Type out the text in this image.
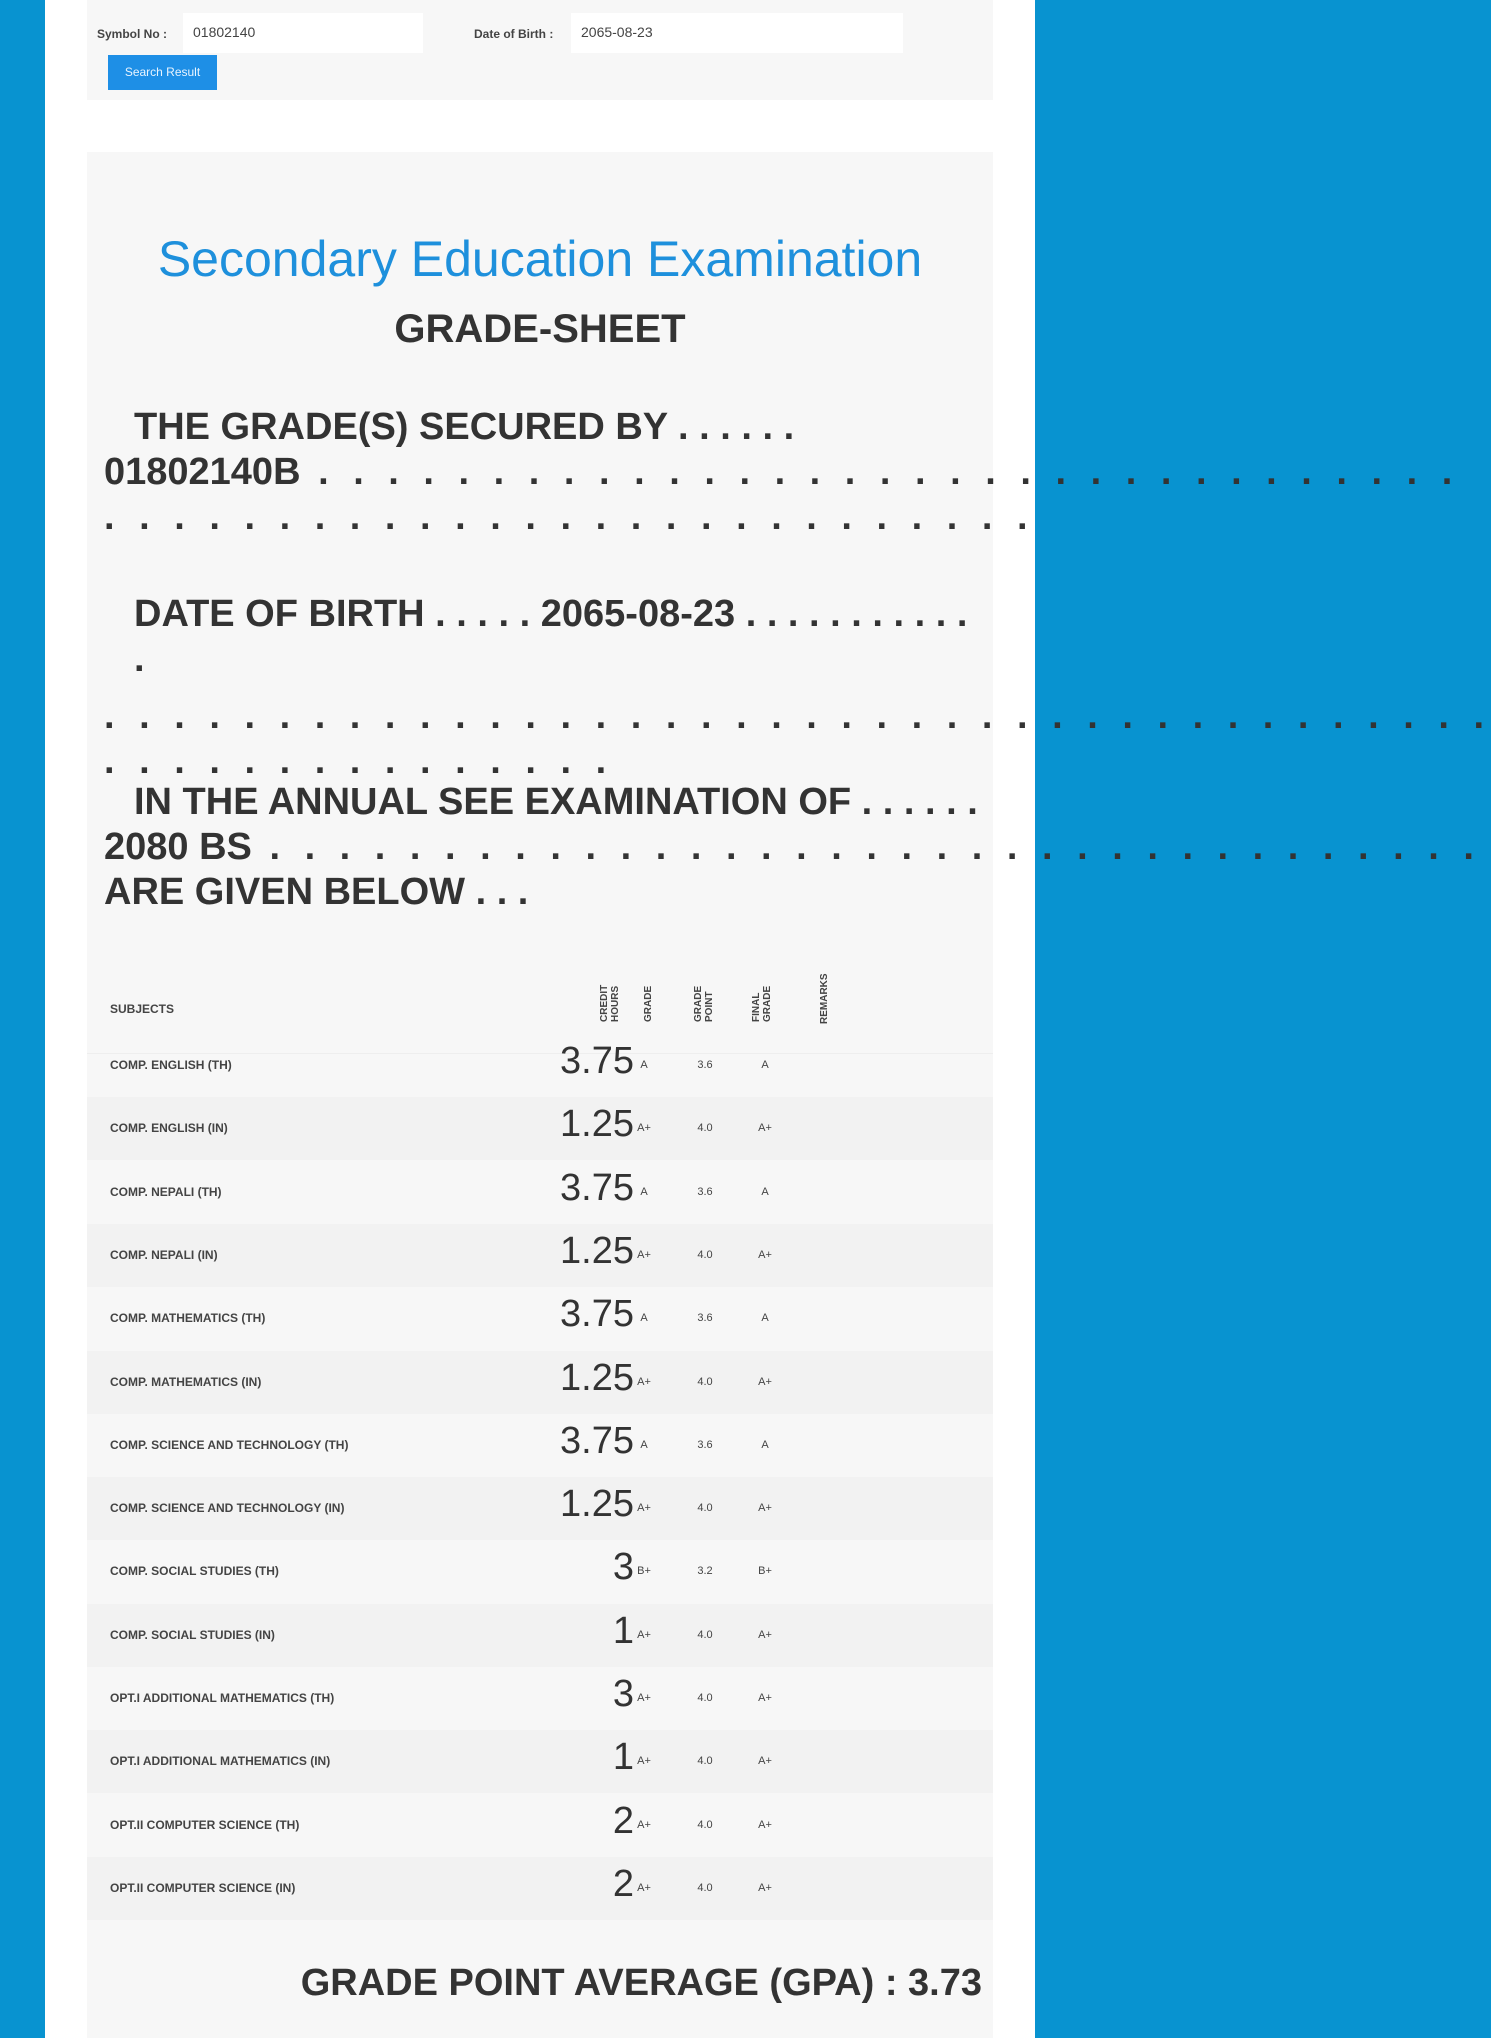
Symbol No :	01802140	Date of Birth :	2065-08-23
Search Result
Secondary Education Examination
GRADE-SHEET
THE GRADE(S) SECURED BY . . . . . .
01802140B . . . . . . . . . . . . . . . . . . . . . . . . . . . . . . . . .
. . . . . . . . . . . . . . . . . . . . . . . . . . .
DATE OF BIRTH . . . . . 2065-08-23 . . . . . . . . . . . .
. . . . . . . . . . . . . . . . . . . . . . . . . . . . . . . . . . . . . . . .
. . . . . . . . . . . . . . .
IN THE ANNUAL SEE EXAMINATION OF . . . . . .
2080 BS . . . . . . . . . . . . . . . . . . . . . . . . . . . . . . . . . . .
ARE GIVEN BELOW . . .
SUBJECTS	CREDIT HOURS GRADE	GRADE POINT	FINAL GRADE	REMARKS
COMP. ENGLISH (TH)	3.75 A	3.6	A
COMP. ENGLISH (IN)	1.25 A+	4.0	A+
COMP. NEPALI (TH)	3.75 A	3.6	A
COMP. NEPALI (IN)	1.25 A+	4.0	A+
COMP. MATHEMATICS (TH)	3.75 A	3.6	A
COMP. MATHEMATICS (IN)	1.25 A+	4.0	A+
COMP. SCIENCE AND TECHNOLOGY (TH)	3.75 A	3.6	A
COMP. SCIENCE AND TECHNOLOGY (IN)	1.25 A+	4.0	A+
COMP. SOCIAL STUDIES (TH)	3 B+	3.2	B+
COMP. SOCIAL STUDIES (IN)	1 A+	4.0	A+
OPT.I ADDITIONAL MATHEMATICS (TH)	3 A+	4.0	A+
OPT.I ADDITIONAL MATHEMATICS (IN)	1 A+	4.0	A+
OPT.II COMPUTER SCIENCE (TH)	2 A+	4.0	A+
OPT.II COMPUTER SCIENCE (IN)	2 A+	4.0	A+
GRADE POINT AVERAGE (GPA) : 3.73
